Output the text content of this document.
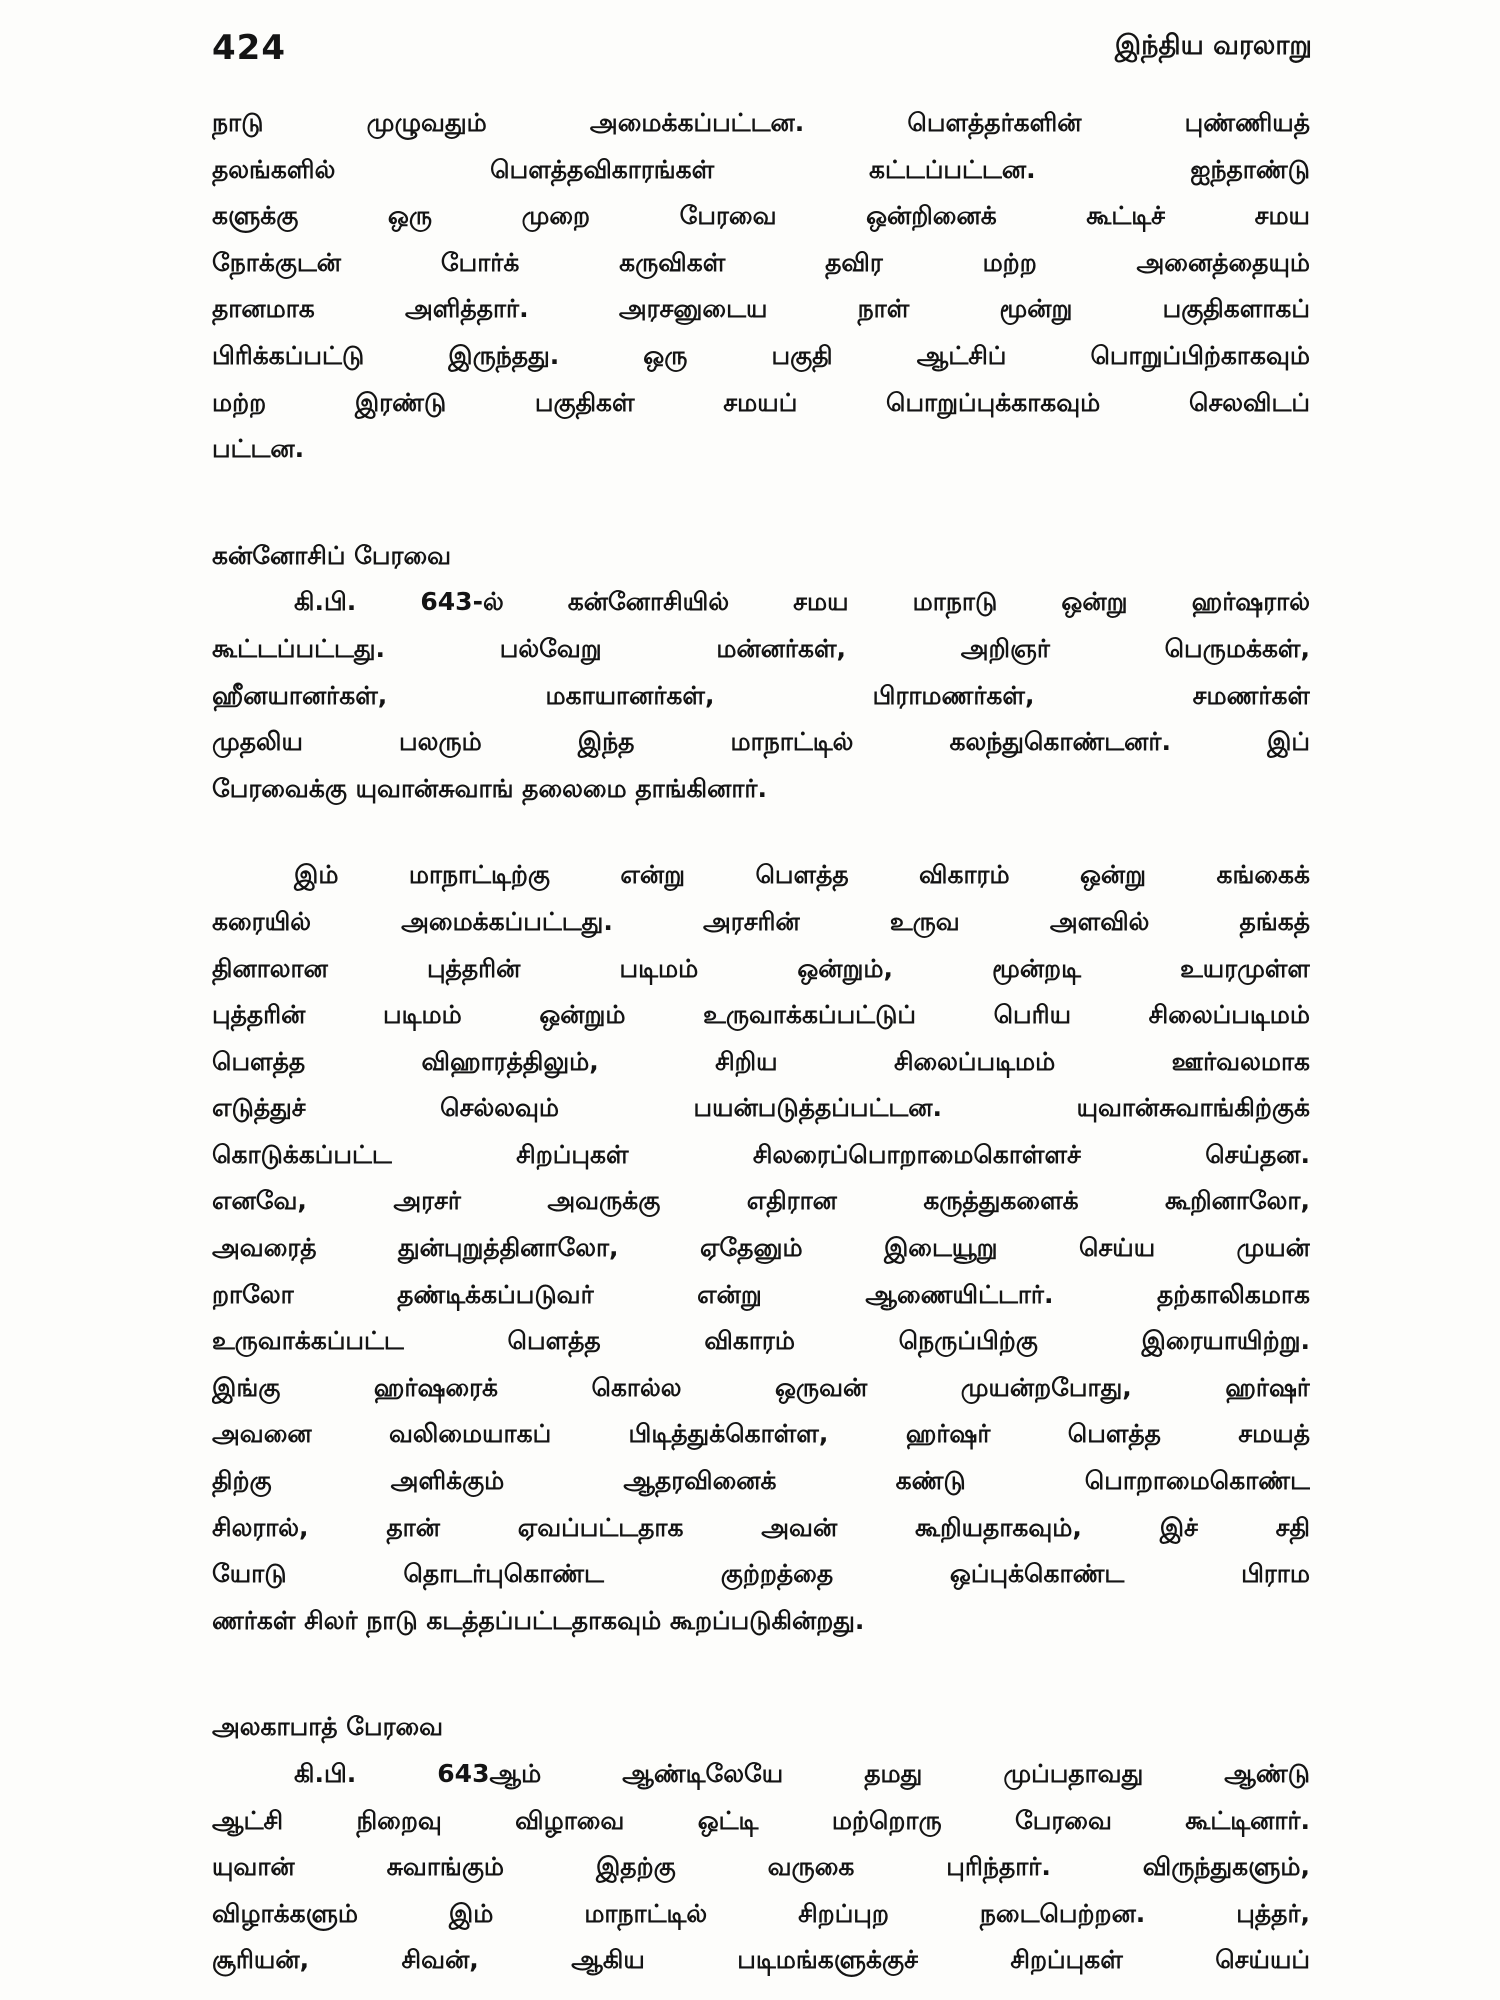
424	இந்திய வரலாறு
நாடு முழுவதும் அமைக்கப்பட்டன. பௌத்தர்களின் புண்ணியத்
தலங்களில் பௌத்தவிகாரங்கள் கட்டப்பட்டன. ஐந்தாண்டு
களுக்கு ஒரு முறை பேரவை ஒன்றினைக் கூட்டிச் சமய
நோக்குடன் போர்க் கருவிகள் தவிர மற்ற அனைத்தையும்
தானமாக அளித்தார். அரசனுடைய நாள் மூன்று பகுதிகளாகப்
பிரிக்கப்பட்டு இருந்தது. ஒரு பகுதி ஆட்சிப் பொறுப்பிற்காகவும்
மற்ற இரண்டு பகுதிகள் சமயப் பொறுப்புக்காகவும் செலவிடப்
பட்டன.
கன்னோசிப் பேரவை
கி.பி. 643-ல் கன்னோசியில் சமய மாநாடு ஒன்று ஹர்ஷரால்
கூட்டப்பட்டது. பல்வேறு மன்னர்கள், அறிஞர் பெருமக்கள்,
ஹீனயானர்கள், மகாயானர்கள், பிராமணர்கள், சமணர்கள்
முதலிய பலரும் இந்த மாநாட்டில் கலந்துகொண்டனர். இப்
பேரவைக்கு யுவான்சுவாங் தலைமை தாங்கினார்.
இம் மாநாட்டிற்கு என்று பௌத்த விகாரம் ஒன்று கங்கைக்
கரையில் அமைக்கப்பட்டது. அரசரின் உருவ அளவில் தங்கத்
தினாலான புத்தரின் படிமம் ஒன்றும், மூன்றடி உயரமுள்ள
புத்தரின் படிமம் ஒன்றும் உருவாக்கப்பட்டுப் பெரிய சிலைப்படிமம்
பௌத்த விஹாரத்திலும், சிறிய சிலைப்படிமம் ஊர்வலமாக
எடுத்துச் செல்லவும் பயன்படுத்தப்பட்டன. யுவான்சுவாங்கிற்குக்
கொடுக்கப்பட்ட சிறப்புகள் சிலரைப்பொறாமைகொள்ளச் செய்தன.
எனவே, அரசர் அவருக்கு எதிரான கருத்துகளைக் கூறினாலோ,
அவரைத் துன்புறுத்தினாலோ, ஏதேனும் இடையூறு செய்ய முயன்
றாலோ தண்டிக்கப்படுவர் என்று ஆணையிட்டார். தற்காலிகமாக
உருவாக்கப்பட்ட பௌத்த விகாரம் நெருப்பிற்கு இரையாயிற்று.
இங்கு ஹர்ஷரைக் கொல்ல ஒருவன் முயன்றபோது, ஹர்ஷர்
அவனை வலிமையாகப் பிடித்துக்கொள்ள, ஹர்ஷர் பௌத்த சமயத்
திற்கு அளிக்கும் ஆதரவினைக் கண்டு பொறாமைகொண்ட
சிலரால், தான் ஏவப்பட்டதாக அவன் கூறியதாகவும், இச் சதி
யோடு தொடர்புகொண்ட குற்றத்தை ஒப்புக்கொண்ட பிராம
ணர்கள் சிலர் நாடு கடத்தப்பட்டதாகவும் கூறப்படுகின்றது.
அலகாபாத் பேரவை
கி.பி. 643ஆம் ஆண்டிலேயே தமது முப்பதாவது ஆண்டு
ஆட்சி நிறைவு விழாவை ஒட்டி மற்றொரு பேரவை கூட்டினார்.
யுவான் சுவாங்கும் இதற்கு வருகை புரிந்தார். விருந்துகளும்,
விழாக்களும் இம் மாநாட்டில் சிறப்புற நடைபெற்றன. புத்தர்,
சூரியன், சிவன், ஆகிய படிமங்களுக்குச் சிறப்புகள் செய்யப்
